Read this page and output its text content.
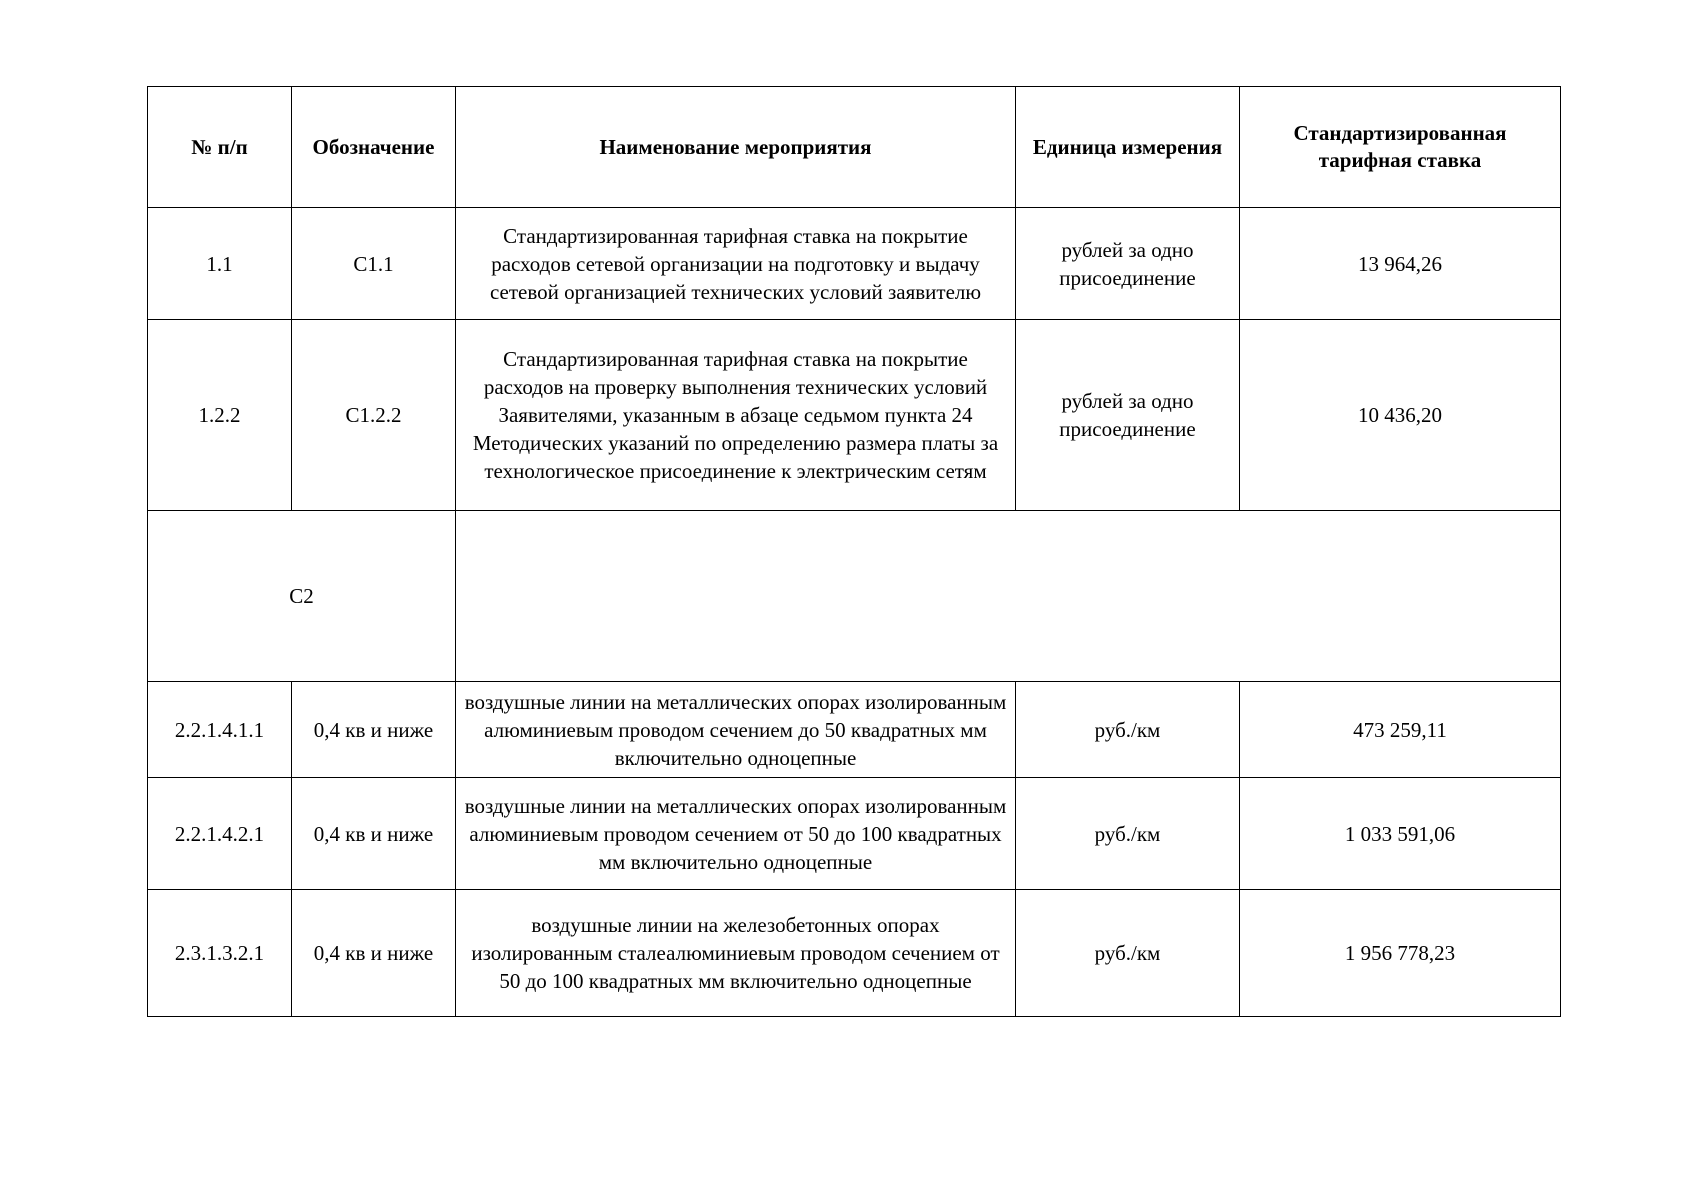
№ п/п	Обозначение	Наименование мероприятия	Единица измерения	Стандартизированная тарифная ставка
1.1	C1.1	Стандартизированная тарифная ставка на покрытие расходов сетевой организации на подготовку и выдачу сетевой организацией технических условий заявителю	рублей за одно присоединение	13 964,26
1.2.2	C1.2.2	Стандартизированная тарифная ставка на покрытие расходов на проверку выполнения технических условий Заявителями, указанным в абзаце седьмом пункта 24 Методических указаний по определению размера платы за технологическое присоединение к электрическим сетям	рублей за одно присоединение	10 436,20
C2				
2.2.1.4.1.1	0,4 кв и ниже	воздушные линии на металлических опорах изолированным алюминиевым проводом сечением до 50 квадратных мм включительно одноцепные	руб./км	473 259,11
2.2.1.4.2.1	0,4 кв и ниже	воздушные линии на металлических опорах изолированным алюминиевым проводом сечением от 50 до 100 квадратных мм включительно одноцепные	руб./км	1 033 591,06
2.3.1.3.2.1	0,4 кв и ниже	воздушные линии на железобетонных опорах изолированным сталеалюминиевым проводом сечением от 50 до 100 квадратных мм включительно одноцепные	руб./км	1 956 778,23
